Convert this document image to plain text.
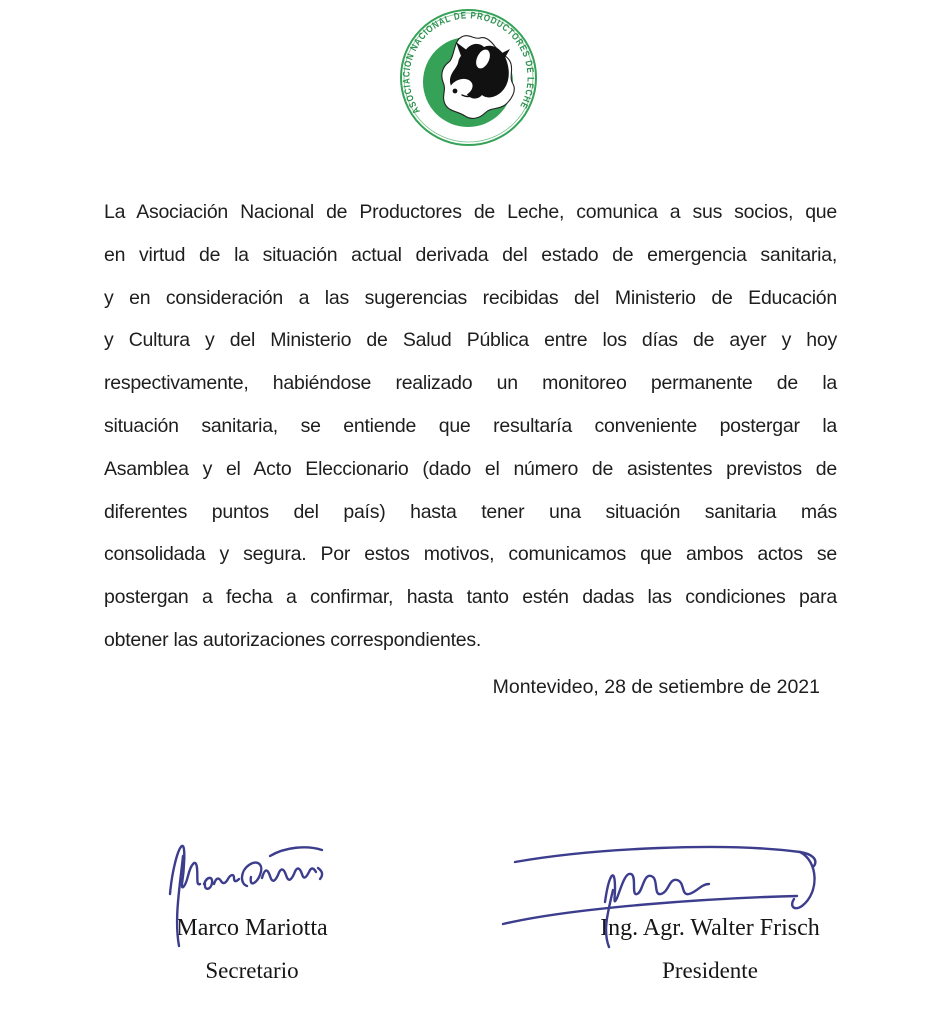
ASOCIACION NACIONAL DE PRODUCTORES DE LECHE
La Asociación Nacional de Productores de Leche, comunica a sus socios, que
en virtud de la situación actual derivada del estado de emergencia sanitaria,
y en consideración a las sugerencias recibidas del Ministerio de Educación
y Cultura y del Ministerio de Salud Pública entre los días de ayer y hoy
respectivamente, habiéndose realizado un monitoreo permanente de la
situación sanitaria, se entiende que resultaría conveniente postergar la
Asamblea y el Acto Eleccionario (dado el número de asistentes previstos de
diferentes puntos del país) hasta tener una situación sanitaria más
consolidada y segura. Por estos motivos, comunicamos que ambos actos se
postergan a fecha a confirmar, hasta tanto estén dadas las condiciones para
obtener las autorizaciones correspondientes.
Montevideo, 28 de setiembre de 2021
Marco Mariotta
Secretario
Ing. Agr. Walter Frisch
Presidente
